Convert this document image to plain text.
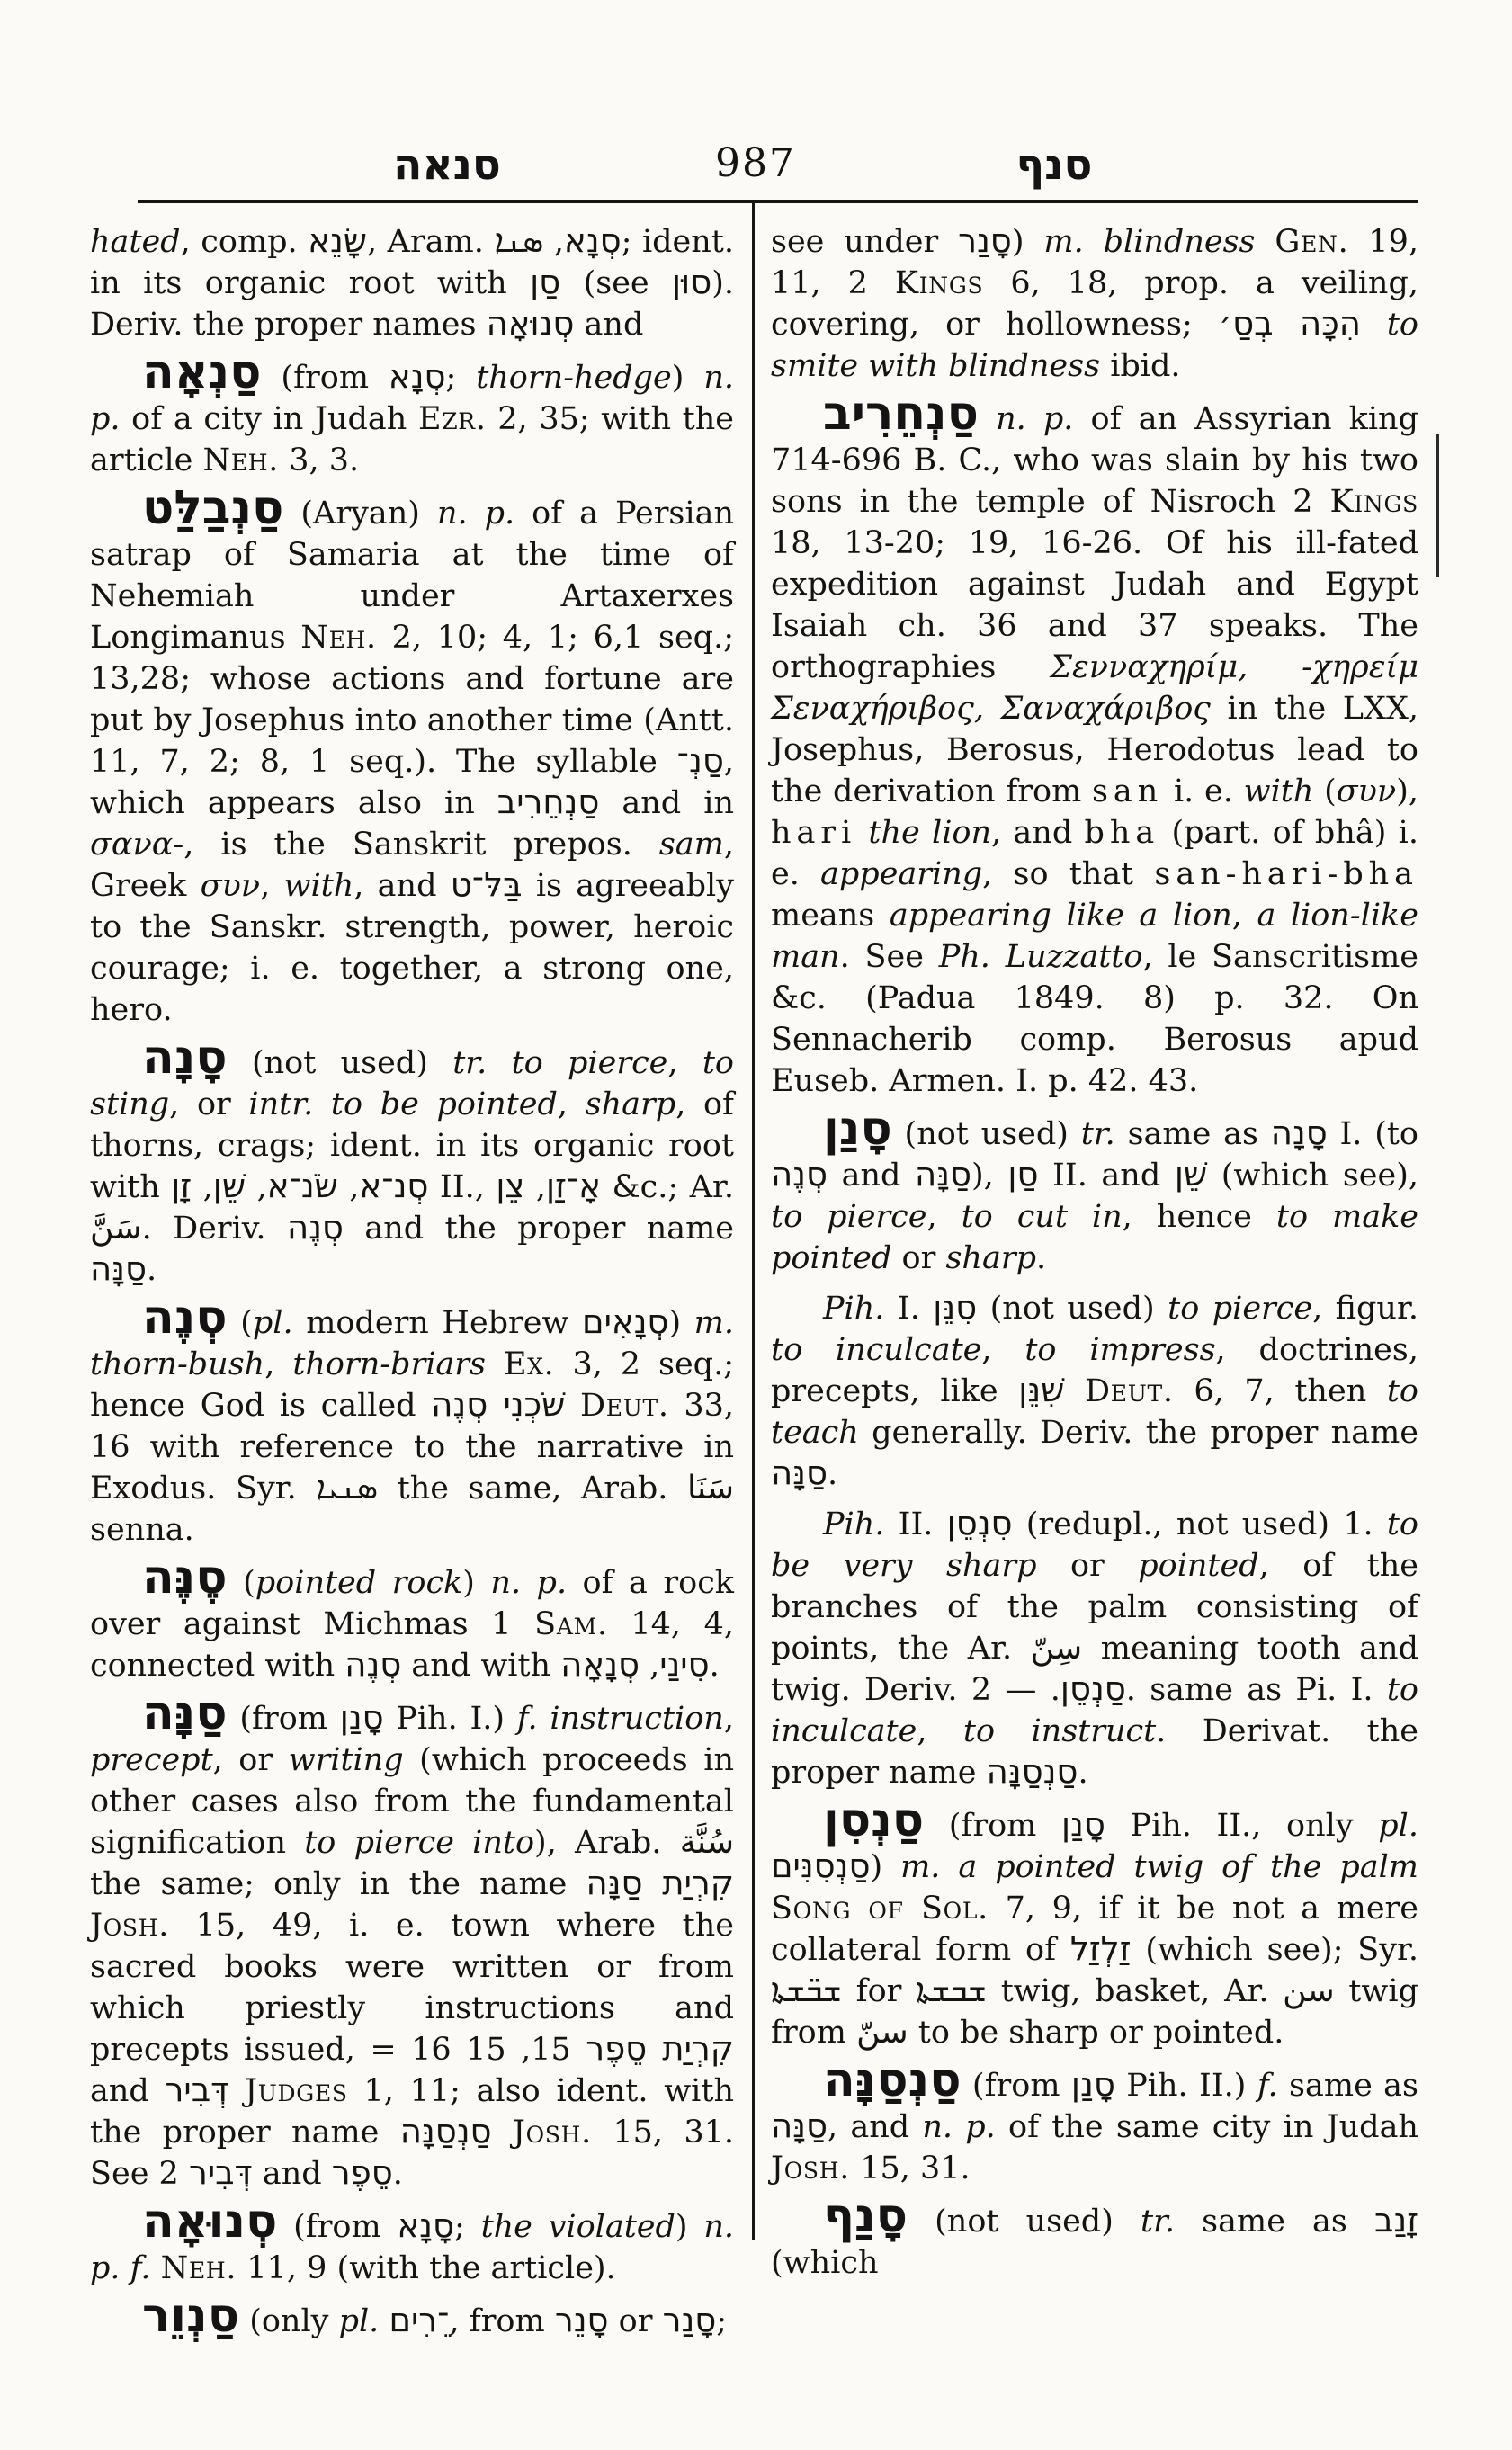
סנאה	987	סנף

hated, comp. שָׂנֵא, Aram. סְנָא, ܣܢܐ ; ident. in its organic root with סַן (see סוּן). Deriv. the proper names סְנוּאָה and

סַנְאָה (from סְנָא; thorn-hedge) n. p. of a city in Judah Ezr. 2, 35; with the article Neh. 3, 3.

סַנְבַלַּט (Aryan) n. p. of a Persian satrap of Samaria at the time of Nehemiah under Artaxerxes Longimanus Neh. 2, 10; 4, 1; 6,1 seq.; 13,28; whose actions and fortune are put by Josephus into another time (Antt. 11, 7, 2; 8, 1 seq.). The syllable סַנְ־, which appears also in סַנְחֵרִיב and in σανα-, is the Sanskrit prepos. sam, Greek συν, with, and בַּלּ־ט is agreeably to the Sanskr. strength, power, heroic courage; i. e. together, a strong one, hero.

סָנָה (not used) tr. to pierce, to sting, or intr. to be pointed, sharp, of thorns, crags; ident. in its organic root with	סְנ־א, שֹׂנ־א, שֵׁן, זָן	II., אָ־זַן, צֵן &c.; Ar. سَنَّ. Deriv. סְנֶה and the proper name סַנָּה.

סְנֶה (pl. modern Hebrew סְנָאִים) m. thorn-bush, thorn-briars Ex. 3, 2 seq.; hence God is called שֹׁכְנִי סְנֶה Deut. 33, 16 with reference to the narrative in Exodus. Syr. ܣܢܝܐ the same, Arab. سَنَا senna.

סֶנֶּה (pointed rock) n. p. of a rock over against Michmas 1 Sam. 14, 4, connected with סְנֶה and with	סִינַי, סְנָאָה .

סַנָּה (from סָנַן Pih. I.) f. instruction, precept, or writing (which proceeds in other cases also from the fundamental signification to pierce into), Arab. سُنَّة the same; only in the name קִרְיַת סַנָּה Josh. 15, 49, i. e. town where the sacred books were written or from which priestly instructions and precepts issued, =	קִרְיַת סֵפֶר 15, 15 16 and דְּבִיר Judges 1, 11; also ident. with the proper name סַנְסַנָּה Josh. 15, 31. See דְּבִיר 2 and סֵפֶר.

סְנוּאָה (from סָנָא; the violated) n. p. f. Neh. 11, 9 (with the article).

סַנְוֵר (only pl. ־ֵרִים, from סָנֵר or סָנַר;

see under סָנַר) m. blindness Gen. 19, 11, 2 Kings 6, 18, prop. a veiling, covering, or hollowness; הִכָּה בְסַ׳ to smite with blindness ibid.

סַנְחֵרִיב n. p. of an Assyrian king 714-696 B. C., who was slain by his two sons in the temple of Nisroch 2 Kings 18, 13-20; 19, 16-26. Of his ill-fated expedition against Judah and Egypt Isaiah ch. 36 and 37 speaks. The orthographies Σενναχηρίμ, -χηρείμ Σεναχήριβος, Σαναχάριβος in the LXX, Josephus, Berosus, Herodotus lead to the derivation from san i. e. with (συν), hari the lion, and bha (part. of bhâ) i. e. appearing, so that san-hari-bha means appearing like a lion, a lion-like man. See Ph. Luzzatto, le Sanscritisme &c. (Padua 1849. 8) p. 32. On Sennacherib comp. Berosus apud Euseb. Armen. I. p. 42. 43.

סָנַן (not used) tr. same as סָנָה I. (to סְנֶה and סַנָּה), סַן II. and שֵׁן (which see), to pierce, to cut in, hence to make pointed or sharp.

Pih. I. סִנֵּן (not used) to pierce, figur. to inculcate, to impress, doctrines, precepts, like שִׁנֵּן Deut. 6, 7, then to teach generally. Deriv. the proper name סַנָּה.

Pih. II. סִנְסֵן (redupl., not used) 1. to be very sharp or pointed, of the branches of the palm consisting of points, the Ar. سِنّ meaning tooth and twig. Deriv.	סַנְסֵן. — 2. same as Pi. I. to inculcate, to instruct. Derivat. the proper name סַנְסַנָּה.

סַנְסִן (from סָנַן Pih. II., only pl. סַנְסִנִּים) m. a pointed twig of the palm Song of Sol. 7, 9, if it be not a mere collateral form of זַלְזַל (which see); Syr. ܫܒ̈ܫܬܐ for ܫܒܫܬܐ twig, basket, Ar. سن twig from سنّ to be sharp or pointed.

סַנְסַנָּה (from סָנַן Pih. II.) f. same as סַנָּה, and n. p. of the same city in Judah Josh. 15, 31.

סָנַף (not used) tr. same as זָנַב (which
